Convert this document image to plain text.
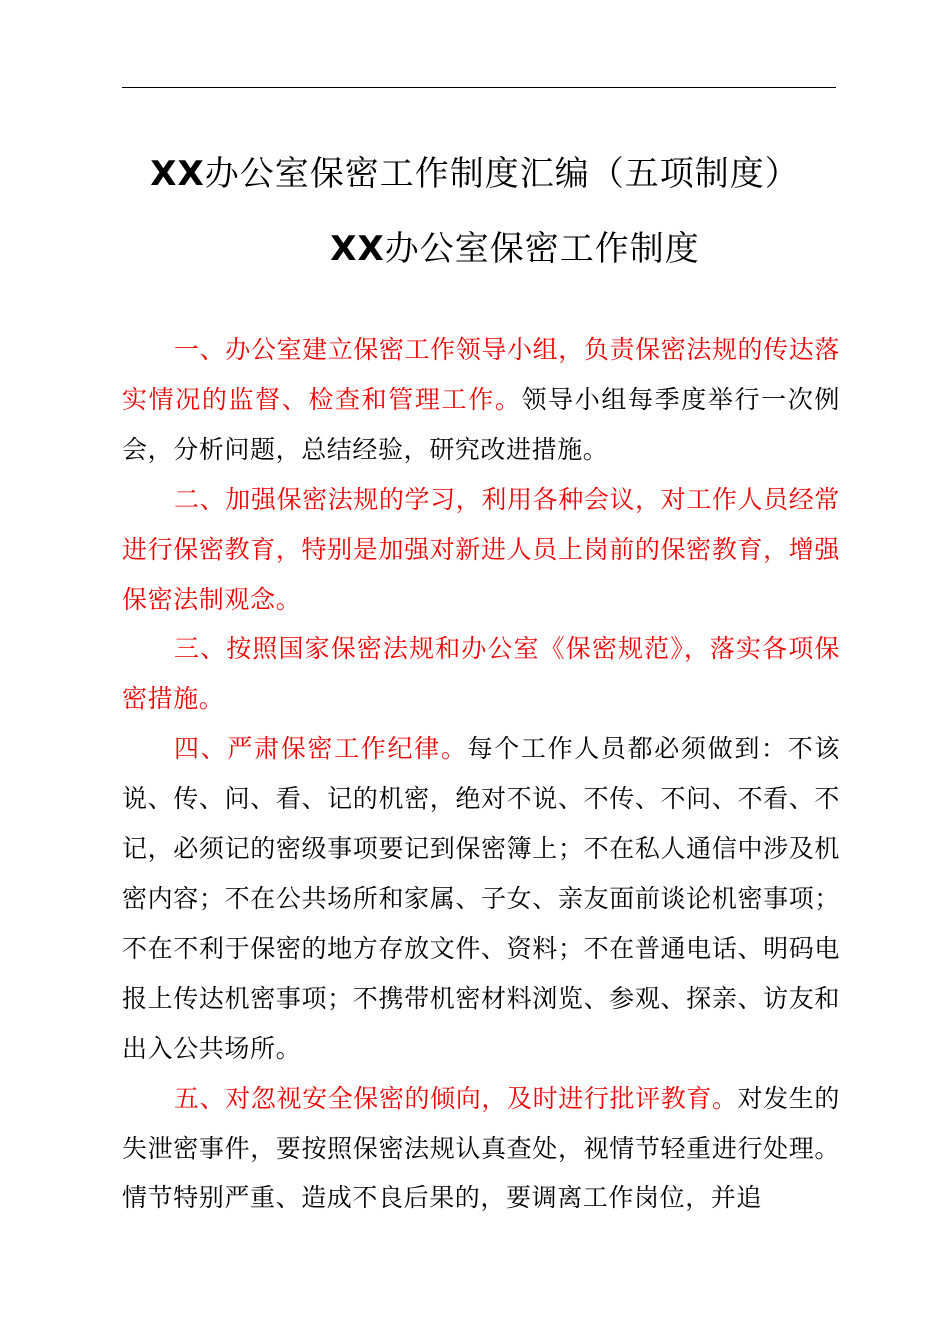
XX办公室保密工作制度汇编（五项制度）
XX办公室保密工作制度

一、办公室建立保密工作领导小组，负责保密法规的传达落实情况的监督、检查和管理工作。领导小组每季度举行一次例会，分析问题，总结经验，研究改进措施。

二、加强保密法规的学习，利用各种会议，对工作人员经常进行保密教育，特别是加强对新进人员上岗前的保密教育，增强保密法制观念。

三、按照国家保密法规和办公室《保密规范》，落实各项保密措施。

四、严肃保密工作纪律。每个工作人员都必须做到：不该说、传、问、看、记的机密，绝对不说、不传、不问、不看、不记，必须记的密级事项要记到保密簿上；不在私人通信中涉及机密内容；不在公共场所和家属、子女、亲友面前谈论机密事项；不在不利于保密的地方存放文件、资料；不在普通电话、明码电报上传达机密事项；不携带机密材料浏览、参观、探亲、访友和出入公共场所。

五、对忽视安全保密的倾向，及时进行批评教育。对发生的失泄密事件，要按照保密法规认真查处，视情节轻重进行处理。情节特别严重、造成不良后果的，要调离工作岗位，并追
